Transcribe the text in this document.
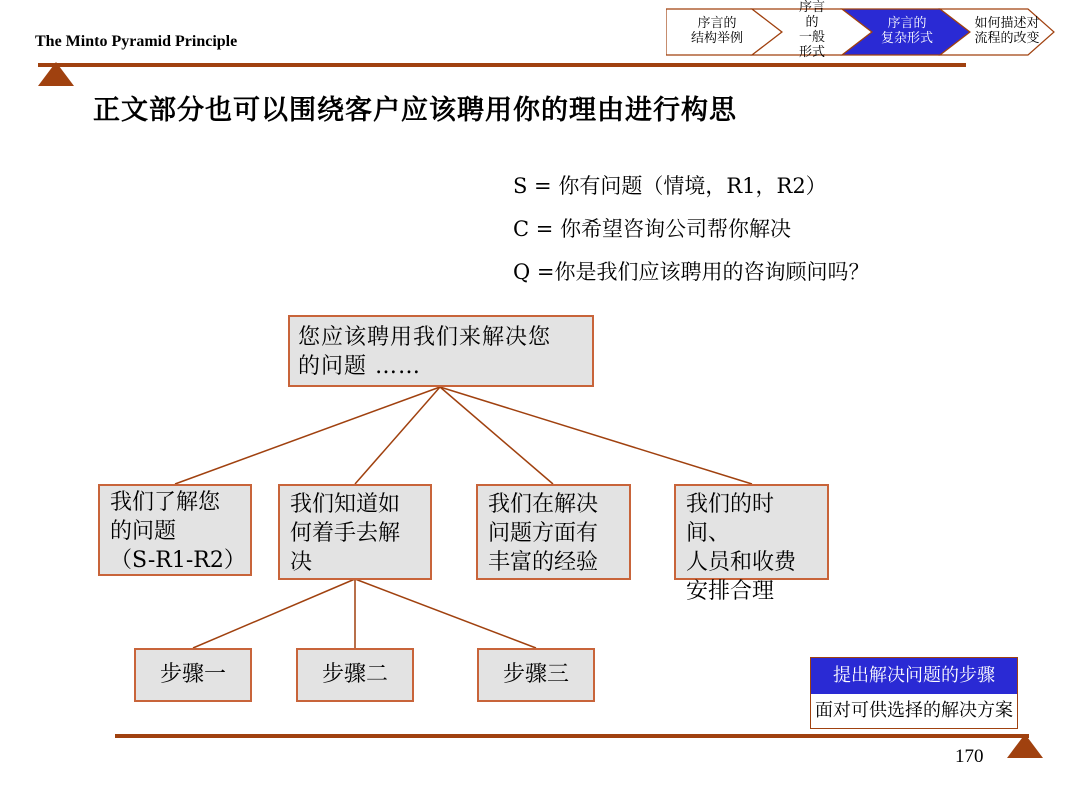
The Minto Pyramid Principle
序言的
结构举例
序言
的
一般
形式
序言的
复杂形式
如何描述对
流程的改变
正文部分也可以围绕客户应该聘用你的理由进行构思
S = 你有问题（情境，R1，R2）
C = 你希望咨询公司帮你解决
Q =你是我们应该聘用的咨询顾问吗？
您应该聘用我们来解决您
的问题 ……
我们了解您
的问题
（S-R1-R2）
我们知道如
何着手去解
决
我们在解决
问题方面有
丰富的经验
我们的时间、
人员和收费
安排合理
步骤一	步骤二	步骤三	提出解决问题的步骤
面对可供选择的解决方案
170
